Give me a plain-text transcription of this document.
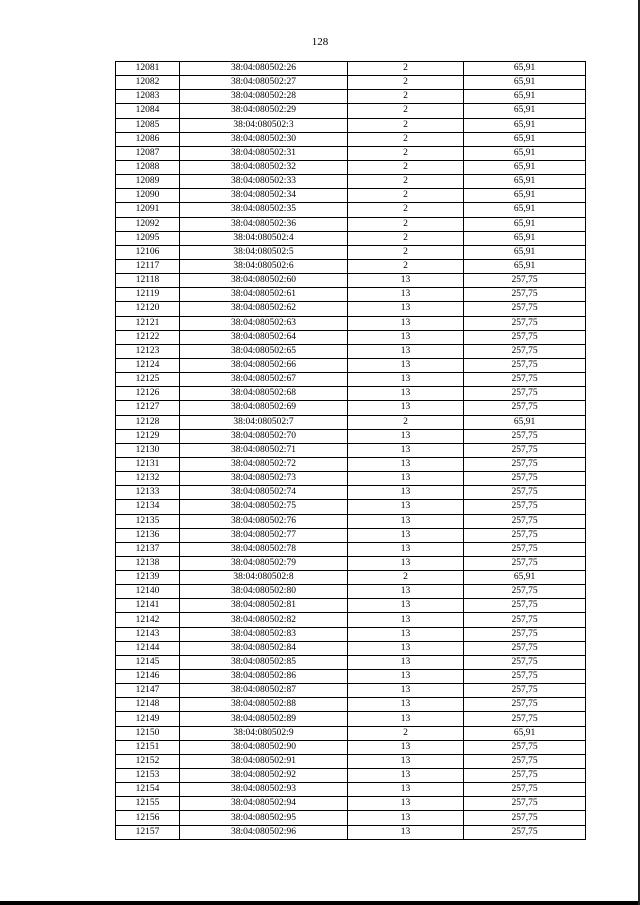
128
12081	38:04:080502:26	2	65,91
12082	38:04:080502:27	2	65,91
12083	38:04:080502:28	2	65,91
12084	38:04:080502:29	2	65,91
12085	38:04:080502:3	2	65,91
12086	38:04:080502:30	2	65,91
12087	38:04:080502:31	2	65,91
12088	38:04:080502:32	2	65,91
12089	38:04:080502:33	2	65,91
12090	38:04:080502:34	2	65,91
12091	38:04:080502:35	2	65,91
12092	38:04:080502:36	2	65,91
12095	38:04:080502:4	2	65,91
12106	38:04:080502:5	2	65,91
12117	38:04:080502:6	2	65,91
12118	38:04:080502:60	13	257,75
12119	38:04:080502:61	13	257,75
12120	38:04:080502:62	13	257,75
12121	38:04:080502:63	13	257,75
12122	38:04:080502:64	13	257,75
12123	38:04:080502:65	13	257,75
12124	38:04:080502:66	13	257,75
12125	38:04:080502:67	13	257,75
12126	38:04:080502:68	13	257,75
12127	38:04:080502:69	13	257,75
12128	38:04:080502:7	2	65,91
12129	38:04:080502:70	13	257,75
12130	38:04:080502:71	13	257,75
12131	38:04:080502:72	13	257,75
12132	38:04:080502:73	13	257,75
12133	38:04:080502:74	13	257,75
12134	38:04:080502:75	13	257,75
12135	38:04:080502:76	13	257,75
12136	38:04:080502:77	13	257,75
12137	38:04:080502:78	13	257,75
12138	38:04:080502:79	13	257,75
12139	38:04:080502:8	2	65,91
12140	38:04:080502:80	13	257,75
12141	38:04:080502:81	13	257,75
12142	38:04:080502:82	13	257,75
12143	38:04:080502:83	13	257,75
12144	38:04:080502:84	13	257,75
12145	38:04:080502:85	13	257,75
12146	38:04:080502:86	13	257,75
12147	38:04:080502:87	13	257,75
12148	38:04:080502:88	13	257,75
12149	38:04:080502:89	13	257,75
12150	38:04:080502:9	2	65,91
12151	38:04:080502:90	13	257,75
12152	38:04:080502:91	13	257,75
12153	38:04:080502:92	13	257,75
12154	38:04:080502:93	13	257,75
12155	38:04:080502:94	13	257,75
12156	38:04:080502:95	13	257,75
12157	38:04:080502:96	13	257,75
